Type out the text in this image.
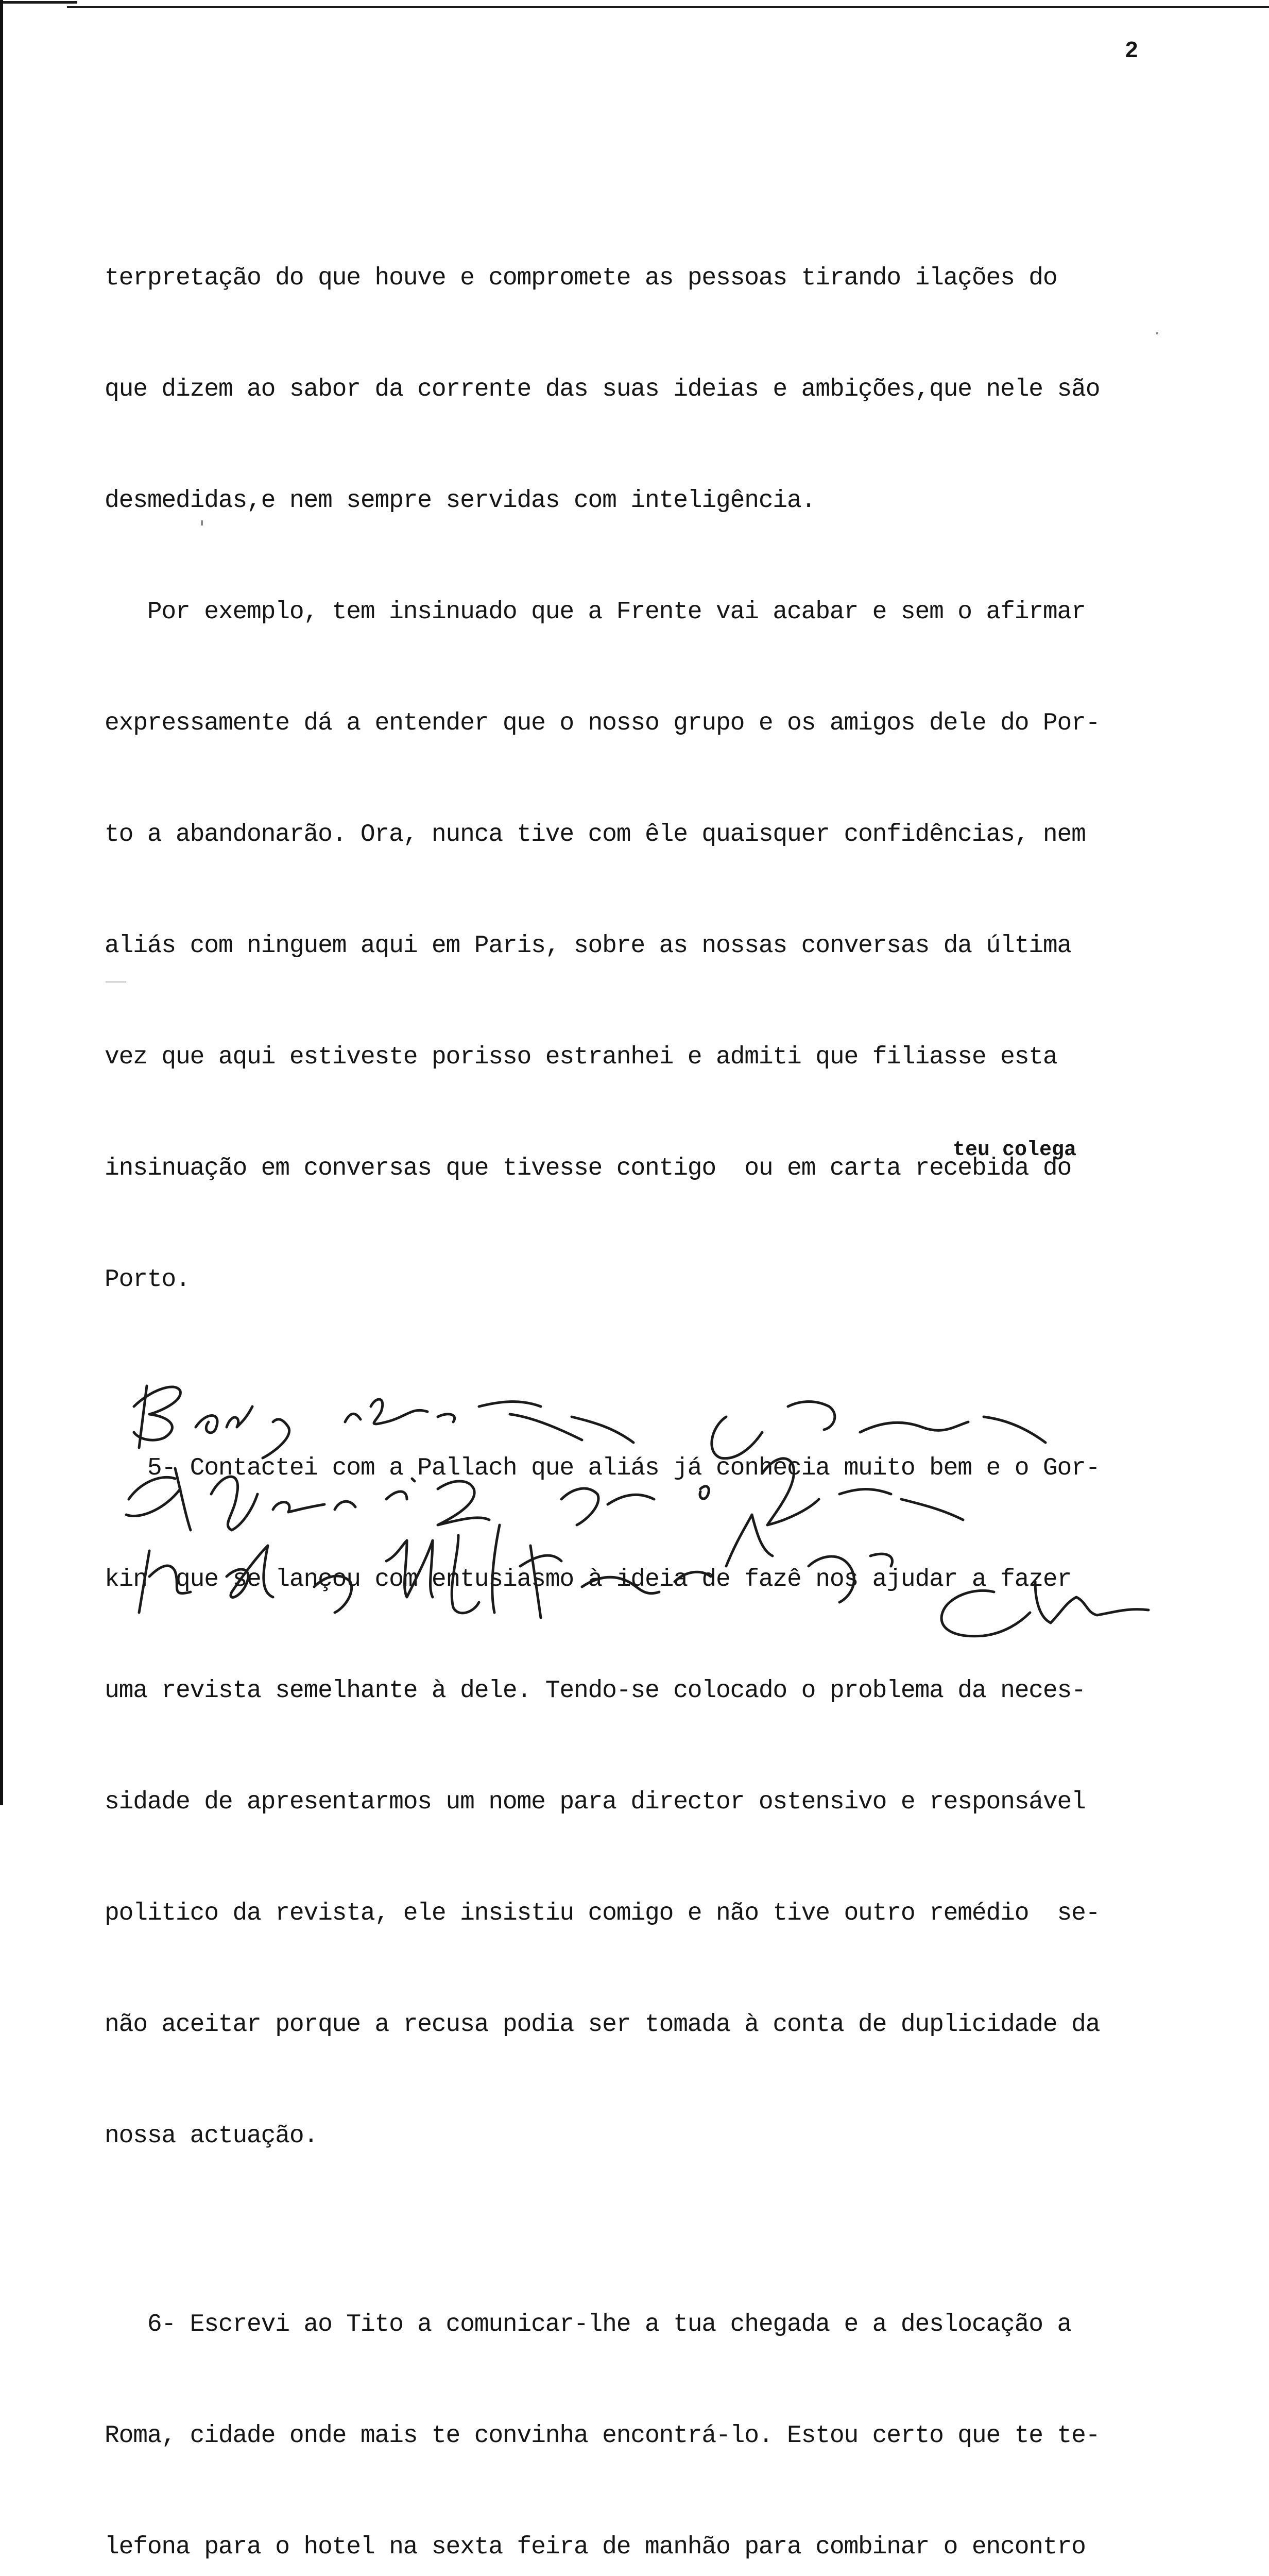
2

terpretação do que houve e compromete as pessoas tirando ilações do

que dizem ao sabor da corrente das suas ideias e ambições,que nele são

desmedidas,e nem sempre servidas com inteligência.

Por exemplo, tem insinuado que a Frente vai acabar e sem o afirmar

expressamente dá a entender que o nosso grupo e os amigos dele do Por-

to a abandonarão. Ora, nunca tive com êle quaisquer confidências, nem

aliás com ninguem aqui em Paris, sobre as nossas conversas da última

vez que aqui estiveste porisso estranhei e admiti que filiasse esta

insinuação em conversas que tivesse contigo  ou em carta recebida do

Porto.

5- Contactei com a Pallach que aliás já conhecia muito bem e o Gor-

kin  que se lançou com entusiasmo à ideia de fazê nos ajudar a fazer

uma revista semelhante à dele. Tendo-se colocado o problema da neces-

sidade de apresentarmos um nome para director ostensivo e responsável

politico da revista, ele insistiu comigo e não tive outro remédio  se-

não aceitar porque a recusa podia ser tomada à conta de duplicidade da

nossa actuação.

6- Escrevi ao Tito a comunicar-lhe a tua chegada e a deslocação a

Roma, cidade onde mais te convinha encontrá-lo. Estou certo que te te-

lefona para o hotel na sexta feira de manhão para combinar o encontro

teu colega
